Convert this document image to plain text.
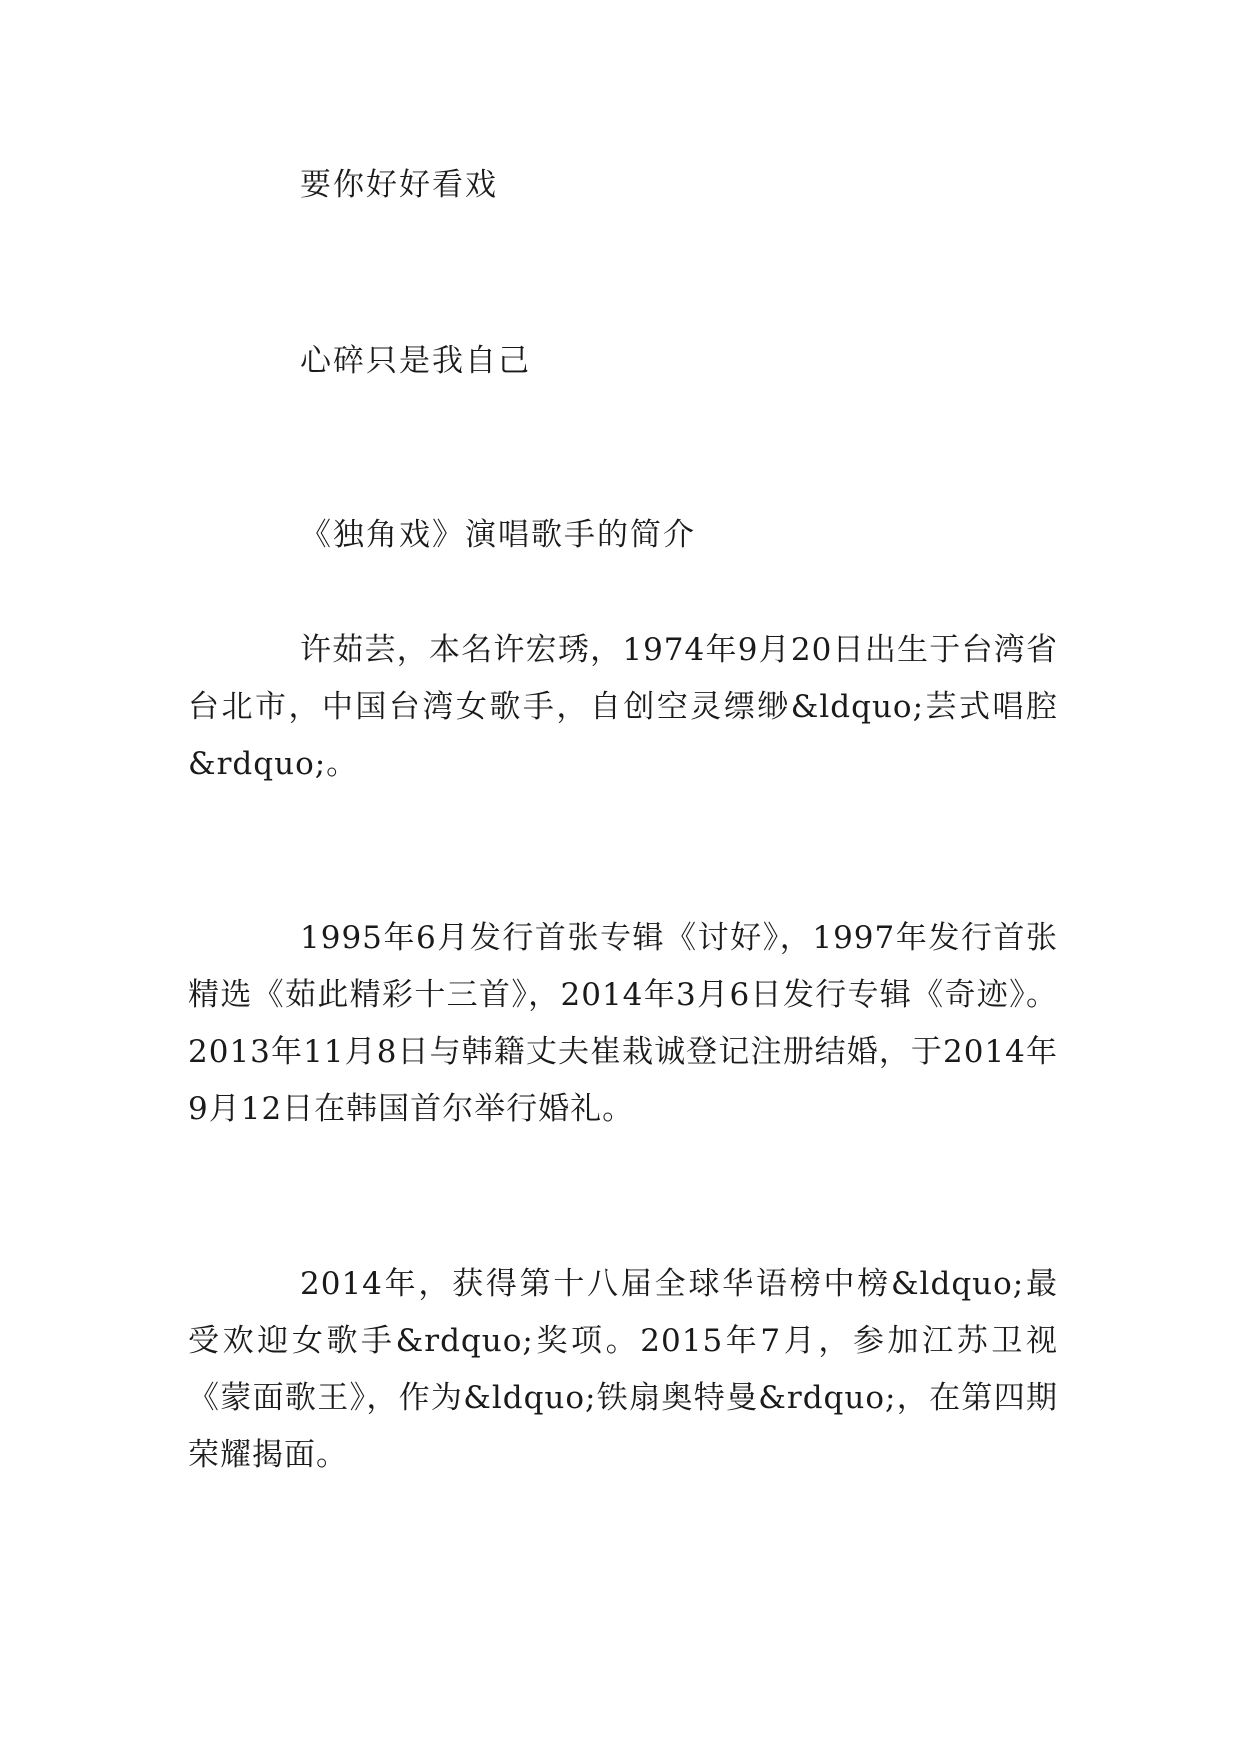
要你好好看戏
心碎只是我自己
《独角戏》演唱歌手的简介

许茹芸，本名许宏琇，1974年9月20日出生于台湾省台北市，中国台湾女歌手，自创空灵缥缈&ldquo;芸式唱腔&rdquo;。

1995年6月发行首张专辑《讨好》，1997年发行首张精选《茹此精彩十三首》，2014年3月6日发行专辑《奇迹》。2013年11月8日与韩籍丈夫崔栽诚登记注册结婚，于2014年9月12日在韩国首尔举行婚礼。

2014年，获得第十八届全球华语榜中榜&ldquo;最受欢迎女歌手&rdquo;奖项。2015年7月，参加江苏卫视《蒙面歌王》，作为&ldquo;铁扇奥特曼&rdquo;，在第四期荣耀揭面。
